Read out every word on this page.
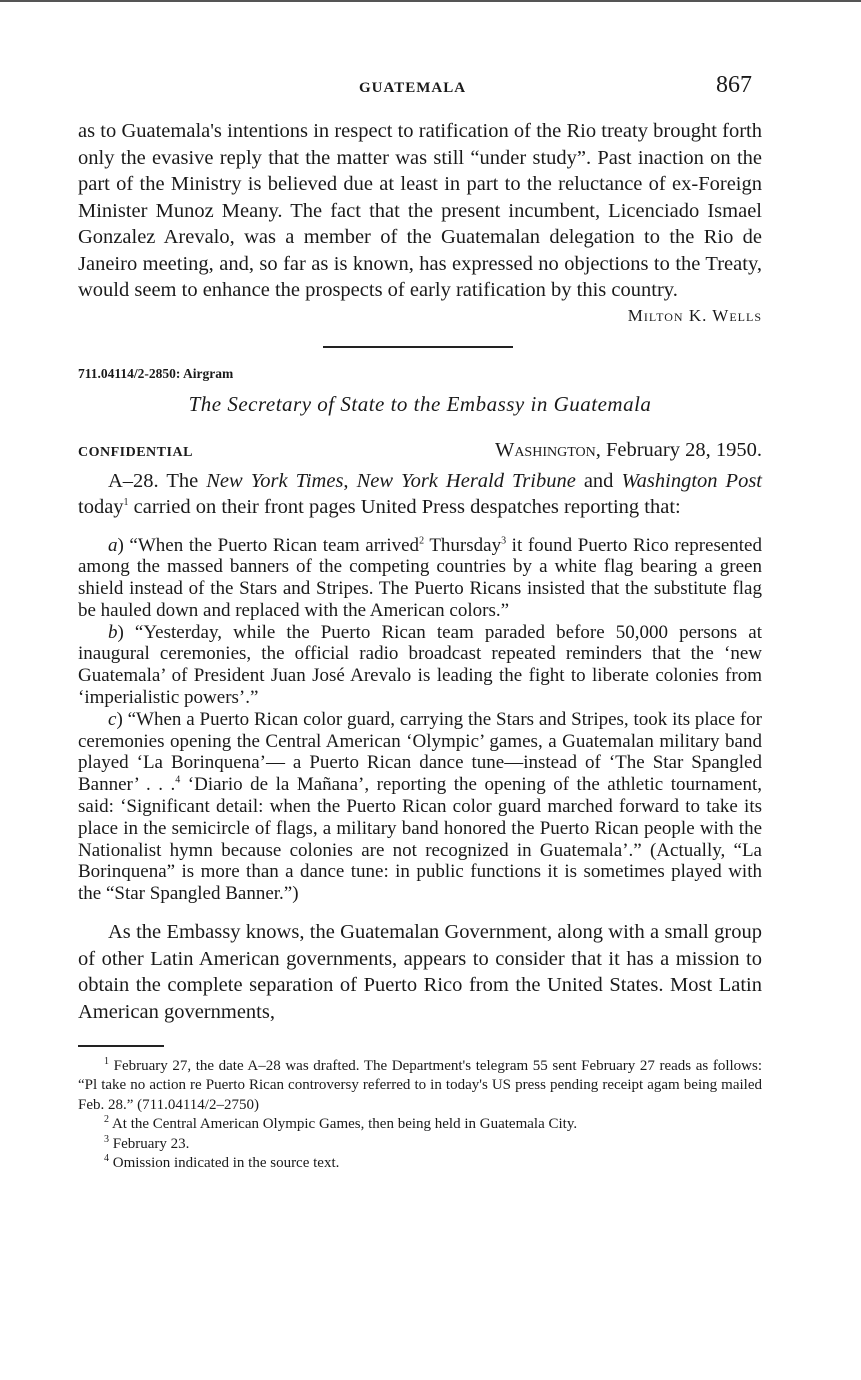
GUATEMALA	867

as to Guatemala's intentions in respect to ratification of the Rio treaty brought forth only the evasive reply that the matter was still “under study”. Past inaction on the part of the Ministry is believed due at least in part to the reluctance of ex-Foreign Minister Munoz Meany. The fact that the present incumbent, Licenciado Ismael Gonzalez Arevalo, was a member of the Guatemalan delegation to the Rio de Janeiro meeting, and, so far as is known, has expressed no objections to the Treaty, would seem to enhance the prospects of early ratification by this country.

Milton K. Wells

711.04114/2-2850: Airgram
The Secretary of State to the Embassy in Guatemala
CONFIDENTIAL	Washington, February 28, 1950.

A–28. The New York Times, New York Herald Tribune and Washington Post today$^1$ carried on their front pages United Press despatches reporting that:

a) “When the Puerto Rican team arrived$^2$ Thursday$^3$ it found Puerto Rico represented among the massed banners of the competing countries by a white flag bearing a green shield instead of the Stars and Stripes. The Puerto Ricans insisted that the substitute flag be hauled down and replaced with the American colors.”

b) “Yesterday, while the Puerto Rican team paraded before 50,000 persons at inaugural ceremonies, the official radio broadcast repeated reminders that the ‘new Guatemala’ of President Juan José Arevalo is leading the fight to liberate colonies from ‘imperialistic powers’.”

c) “When a Puerto Rican color guard, carrying the Stars and Stripes, took its place for ceremonies opening the Central American ‘Olympic’ games, a Guatemalan military band played ‘La Borinquena’— a Puerto Rican dance tune—instead of ‘The Star Spangled Banner’ . . .$^4$ ‘Diario de la Mañana’, reporting the opening of the athletic tournament, said: ‘Significant detail: when the Puerto Rican color guard marched forward to take its place in the semicircle of flags, a military band honored the Puerto Rican people with the Nationalist hymn because colonies are not recognized in Guatemala’.” (Actually, “La Borinquena” is more than a dance tune: in public functions it is sometimes played with the “Star Spangled Banner.”)

As the Embassy knows, the Guatemalan Government, along with a small group of other Latin American governments, appears to consider that it has a mission to obtain the complete separation of Puerto Rico from the United States. Most Latin American governments,

$^1$ February 27, the date A–28 was drafted. The Department's telegram 55 sent February 27 reads as follows: “Pl take no action re Puerto Rican controversy referred to in today's US press pending receipt agam being mailed Feb. 28.” (711.04114/2–2750)

$^2$ At the Central American Olympic Games, then being held in Guatemala City.

$^3$ February 23.

$^4$ Omission indicated in the source text.
